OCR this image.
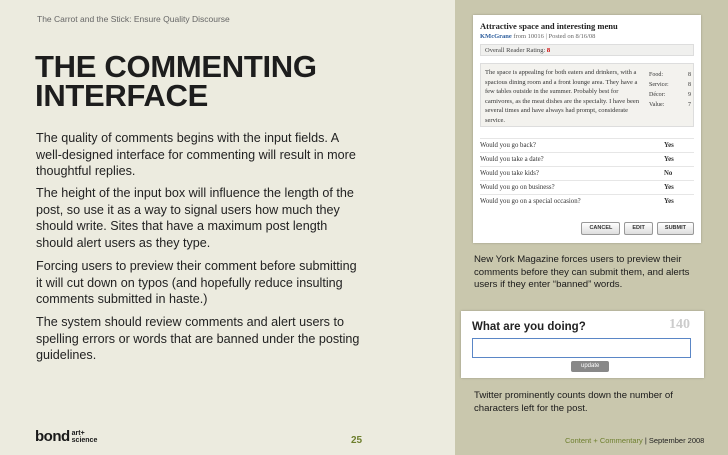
The Carrot and the Stick: Ensure Quality Discourse
THE COMMENTING
INTERFACE

The quality of comments begins with the input fields. A well-designed interface for commenting will result in more thoughtful replies.

The height of the input box will influence the length of the post, so use it as a way to signal users how much they should write. Sites that have a maximum post length should alert users as they type.

Forcing users to preview their comment before submitting it will cut down on typos (and hopefully reduce insulting comments submitted in haste.)

The system should review comments and alert users to spelling errors or words that are banned under the posting guidelines.

Attractive space and interesting menu
KMcGrane from 10016 | Posted on 8/16/08
Overall Reader Rating: 8
The space is appealing for both eaters and drinkers, with a spacious dining room and a front lounge area. They have a few tables outside in the summer. Probably best for carnivores, as the meat dishes are the specialty. I have been several times and have always had prompt, considerate service.
Food:	8
Service:	8
Décor:	9
Value:	7
Would you go back?	Yes
Would you take a date?	Yes
Would you take kids?	No
Would you go on business?	Yes
Would you go on a special occasion?	Yes
CANCEL	EDIT	SUBMIT

New York Magazine forces users to preview their comments before they can submit them, and alerts users if they enter “banned” words.

What are you doing?	140
update

Twitter prominently counts down the number of characters left for the post.

bond art+
science	25	Content + Commentary | September 2008
